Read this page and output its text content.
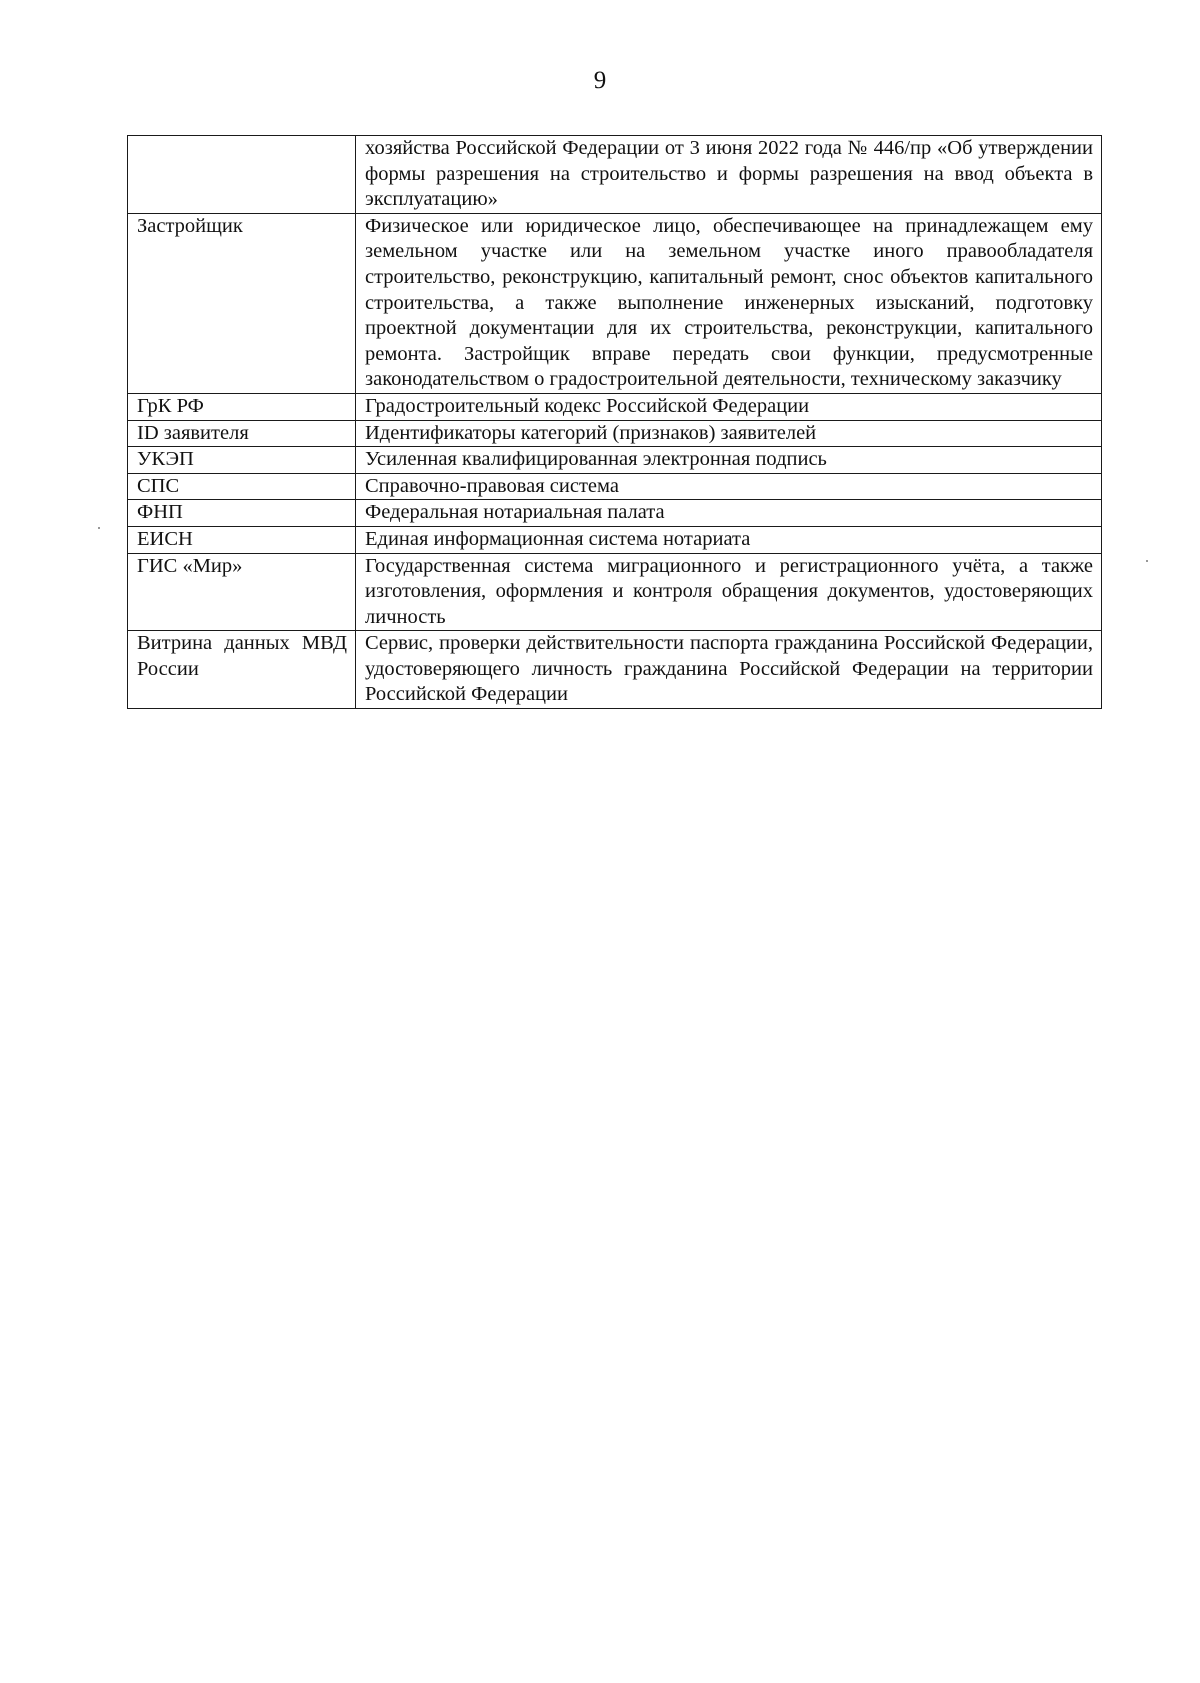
9
	хозяйства Российской Федерации от 3 июня 2022 года № 446/пр «Об утверждении формы разрешения на строительство и формы разрешения на ввод объекта в эксплуатацию»
Застройщик	Физическое или юридическое лицо, обеспечивающее на принадлежащем ему земельном участке или на земельном участке иного правообладателя строительство, реконструкцию, капитальный ремонт, снос объектов капитального строительства, а также выполнение инженерных изысканий, подготовку проектной документации для их строительства, реконструкции, капитального ремонта. Застройщик вправе передать свои функции, предусмотренные законодательством о градостроительной деятельности, техническому заказчику
ГрК РФ	Градостроительный кодекс Российской Федерации
ID заявителя	Идентификаторы категорий (признаков) заявителей
УКЭП	Усиленная квалифицированная электронная подпись
СПС	Справочно-правовая система
ФНП	Федеральная нотариальная палата
ЕИСН	Единая информационная система нотариата
ГИС «Мир»	Государственная система миграционного и регистрационного учёта, а также изготовления, оформления и контроля обращения документов, удостоверяющих личность
Витрина данных МВД России	Сервис, проверки действительности паспорта гражданина Российской Федерации, удостоверяющего личность гражданина Российской Федерации на территории Российской Федерации
